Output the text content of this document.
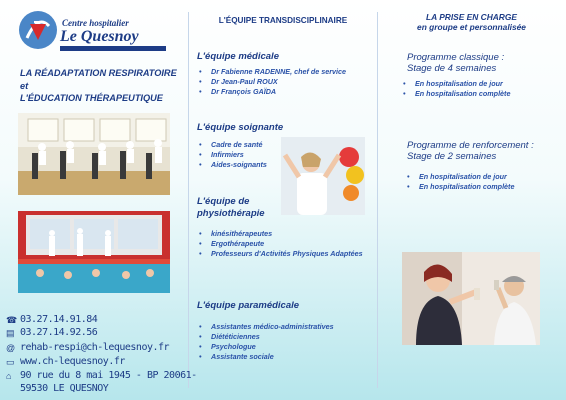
Centre hospitalier
Le Quesnoy
LA RÉADAPTATION RESPIRATOIRE
et
L'ÉDUCATION THÉRAPEUTIQUE
☎ 03.27.14.91.84
▤ 03.27.14.92.56
@ rehab-respi@ch-lequesnoy.fr
▭ www.ch-lequesnoy.fr
⌂ 90 rue du 8 mai 1945 - BP 20061-
59530 LE QUESNOY
L'ÉQUIPE TRANSDISCIPLINAIRE
L'équipe médicale
• Dr Fabienne RADENNE, chef de service
• Dr Jean-Paul ROUX
• Dr François GAÏDA
L'équipe soignante
• Cadre de santé
• Infirmiers
• Aides-soignants
L'équipe de physiothérapie
• kinésithérapeutes
• Ergothérapeute
• Professeurs d'Activités Physiques Adaptées
L'équipe paramédicale
• Assistantes médico-administratives
• Diététiciennes
• Psychologue
• Assistante sociale
LA PRISE EN CHARGE
en groupe et personnalisée
Programme classique :
Stage de 4 semaines
• En hospitalisation de jour
• En hospitalisation complète
Programme de renforcement :
Stage de 2 semaines
• En hospitalisation de jour
• En hospitalisation complète
